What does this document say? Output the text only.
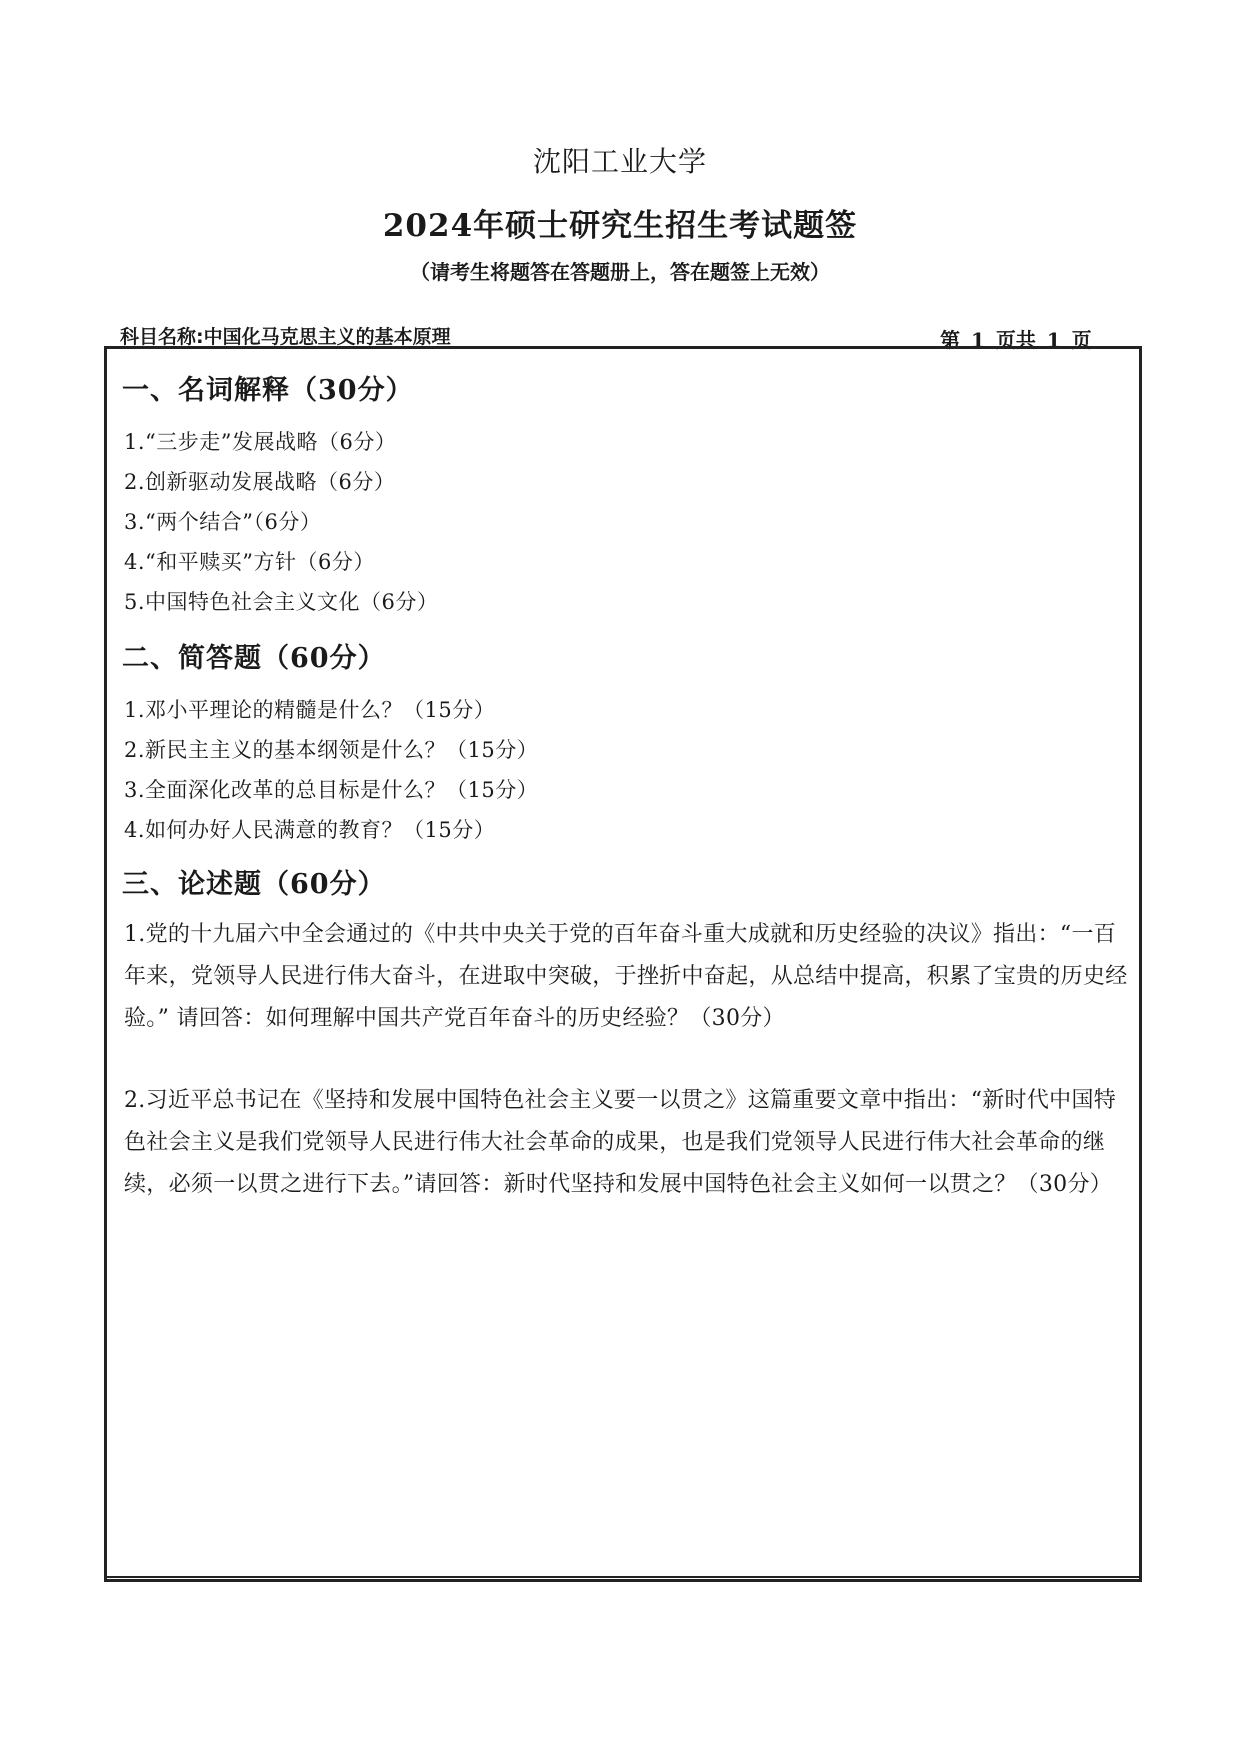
沈阳工业大学
2024年硕士研究生招生考试题签
（请考生将题答在答题册上，答在题签上无效）
科目名称:中国化马克思主义的基本原理	第 1 页共 1 页
一、名词解释（30分）
1.“三步走”发展战略（6分）
2.创新驱动发展战略（6分）
3.“两个结合”（6分）
4.“和平赎买”方针（6分）
5.中国特色社会主义文化（6分）
二、简答题（60分）
1.邓小平理论的精髓是什么？（15分）
2.新民主主义的基本纲领是什么？（15分）
3.全面深化改革的总目标是什么？（15分）
4.如何办好人民满意的教育？（15分）
三、论述题（60分）
1.党的十九届六中全会通过的《中共中央关于党的百年奋斗重大成就和历史经验的决议》指出：“一百年来，党领导人民进行伟大奋斗，在进取中突破，于挫折中奋起，从总结中提高，积累了宝贵的历史经验。” 请回答：如何理解中国共产党百年奋斗的历史经验？（30分）
2.习近平总书记在《坚持和发展中国特色社会主义要一以贯之》这篇重要文章中指出：“新时代中国特色社会主义是我们党领导人民进行伟大社会革命的成果，也是我们党领导人民进行伟大社会革命的继续，必须一以贯之进行下去。”请回答：新时代坚持和发展中国特色社会主义如何一以贯之？（30分）
